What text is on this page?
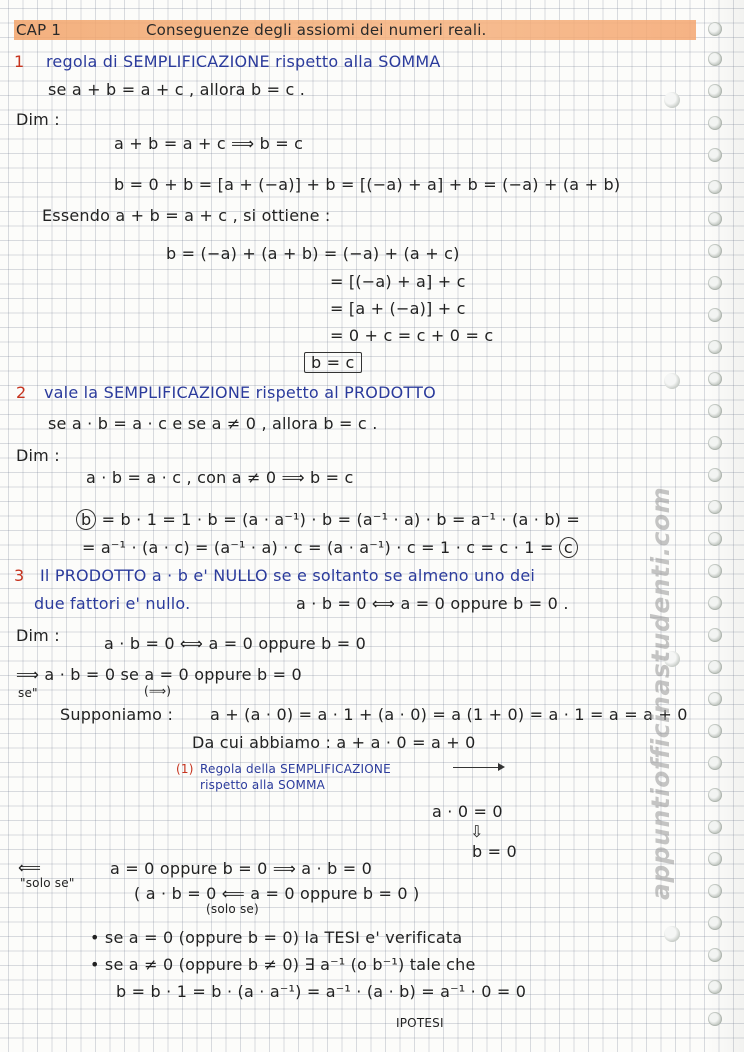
CAP 1	Conseguenze degli assiomi dei numeri reali.
1 regola di SEMPLIFICAZIONE rispetto alla SOMMA
se a + b = a + c , allora b = c .
Dim :
a + b = a + c ⟹ b = c
b = 0 + b = [a + (−a)] + b = [(−a) + a] + b = (−a) + (a + b)
Essendo a + b = a + c , si ottiene :
b = (−a) + (a + b) = (−a) + (a + c)
= [(−a) + a] + c
= [a + (−a)] + c
= 0 + c = c + 0 = c
b = c
2 vale la SEMPLIFICAZIONE rispetto al PRODOTTO
se a · b = a · c e se a ≠ 0 , allora b = c .
Dim :
a · b = a · c , con a ≠ 0 ⟹ b = c
b = b · 1 = 1 · b = (a · a⁻¹) · b = (a⁻¹ · a) · b = a⁻¹ · (a · b) =
= a⁻¹ · (a · c) = (a⁻¹ · a) · c = (a · a⁻¹) · c = 1 · c = c · 1 = c
3 Il PRODOTTO a · b e' NULLO se e soltanto se almeno uno dei
due fattori e' nullo.	a · b = 0 ⟺ a = 0 oppure b = 0 .
Dim :	a · b = 0 ⟺ a = 0 oppure b = 0
⟹ a · b = 0 se a = 0 oppure b = 0
(⟹)
se"
Supponiamo : a + (a · 0) = a · 1 + (a · 0) = a (1 + 0) = a · 1 = a = a + 0
Da cui abbiamo : a + a · 0 = a + 0
(1) Regola della SEMPLIFICAZIONE
rispetto alla SOMMA
a · 0 = 0
⇩
b = 0
⟸
"solo se"
a = 0 oppure b = 0 ⟹ a · b = 0
( a · b = 0 ⟸ a = 0 oppure b = 0 )
(solo se)
• se a = 0 (oppure b = 0) la TESI e' verificata
• se a ≠ 0 (oppure b ≠ 0) ∃ a⁻¹ (o b⁻¹) tale che
b = b · 1 = b · (a · a⁻¹) = a⁻¹ · (a · b) = a⁻¹ · 0 = 0
IPOTESI
appuntiofficinastudenti.com
